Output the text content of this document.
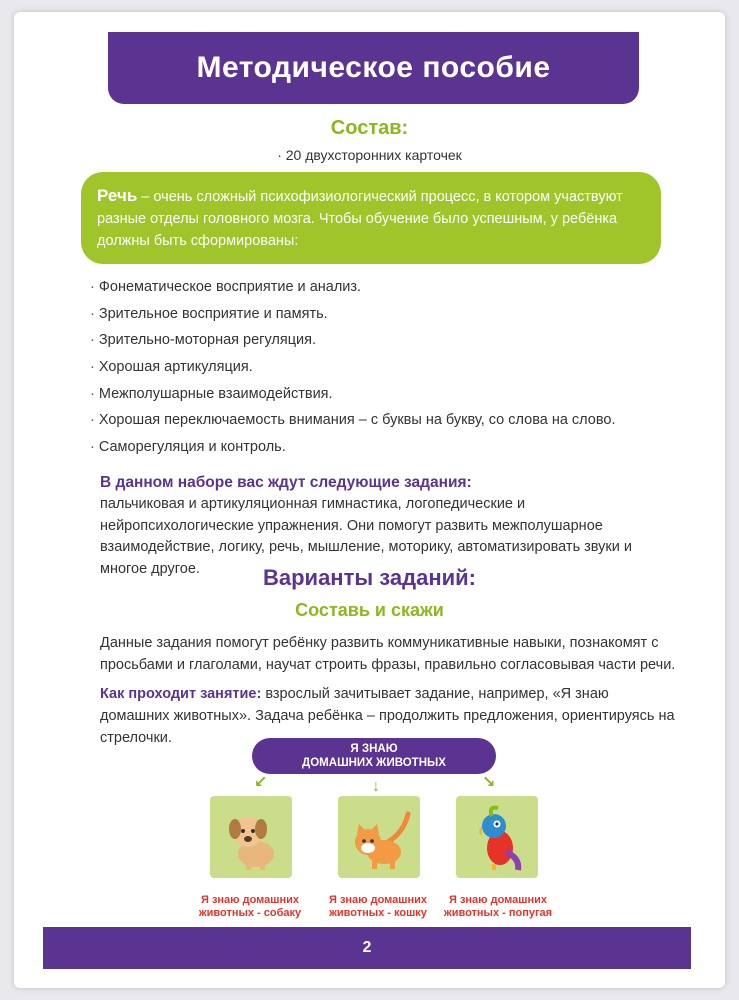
Методическое пособие
Состав:
· 20 двухсторонних карточек
Речь – очень сложный психофизиологический процесс, в котором участвуют разные отделы головного мозга. Чтобы обучение было успешным, у ребёнка должны быть сформированы:
· Фонематическое восприятие и анализ.
· Зрительное восприятие и память.
· Зрительно-моторная регуляция.
· Хорошая артикуляция.
· Межполушарные взаимодействия.
· Хорошая переключаемость внимания – с буквы на букву, со слова на слово.
· Саморегуляция и контроль.
В данном наборе вас ждут следующие задания:
пальчиковая и артикуляционная гимнастика, логопедические и нейропсихологические упражнения. Они помогут развить межполушарное взаимодействие, логику, речь, мышление, моторику, автоматизировать звуки и многое другое.	Варианты заданий:
Составь и скажи
Данные задания помогут ребёнку развить коммуникативные навыки, познакомят с просьбами и глаголами, научат строить фразы, правильно согласовывая части речи.
Как проходит занятие: взрослый зачитывает задание, например, «Я знаю домашних животных». Задача ребёнка – продолжить предложения, ориентируясь на стрелочки.
Я ЗНАЮ
ДОМАШНИХ ЖИВОТНЫХ
↙	↓	↘
Я знаю домашних
животных - собаку
Я знаю домашних
животных - кошку
Я знаю домашних
животных - попугая
2
